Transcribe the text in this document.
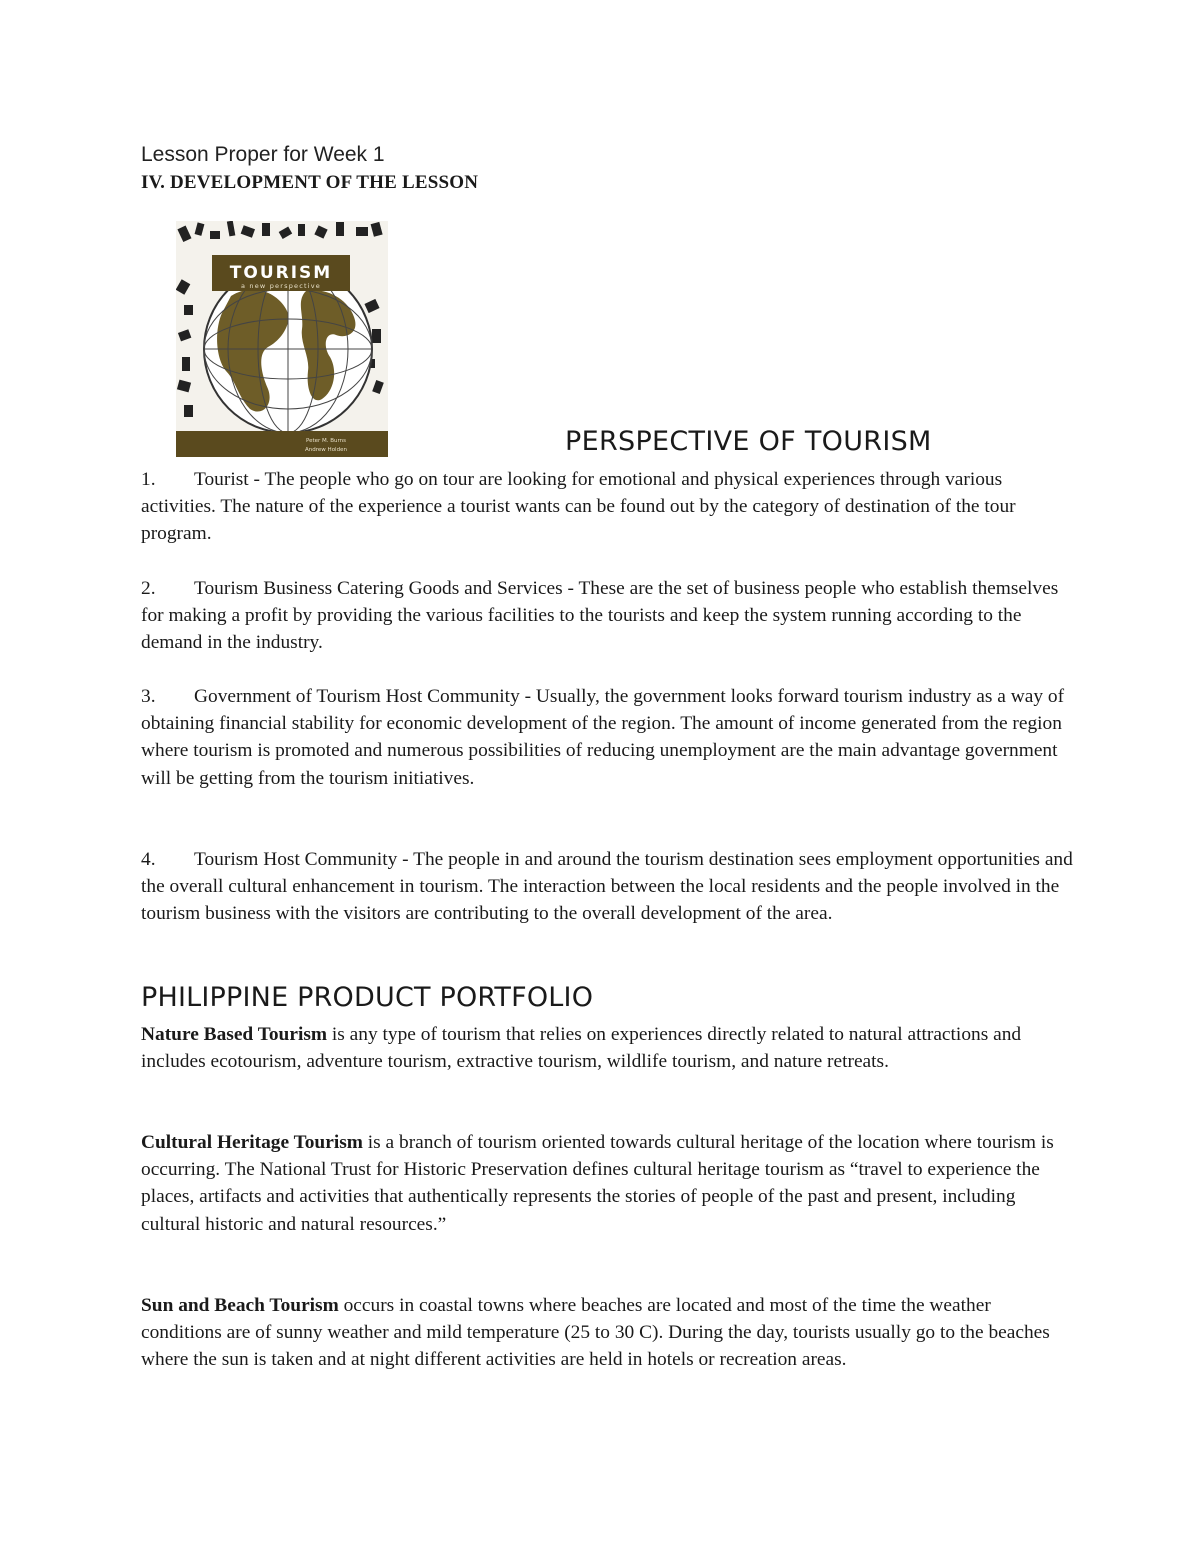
Lesson Proper for Week 1
IV. DEVELOPMENT OF THE LESSON
TOURISM
a new perspective
Peter M. Burns
Andrew Holden	PERSPECTIVE OF TOURISM
1. Tourist - The people who go on tour are looking for emotional and physical experiences through various activities. The nature of the experience a tourist wants can be found out by the category of destination of the tour program.
2. Tourism Business Catering Goods and Services - These are the set of business people who establish themselves for making a profit by providing the various facilities to the tourists and keep the system running according to the demand in the industry.
3. Government of Tourism Host Community - Usually, the government looks forward tourism industry as a way of obtaining financial stability for economic development of the region. The amount of income generated from the region where tourism is promoted and numerous possibilities of reducing unemployment are the main advantage government will be getting from the tourism initiatives.
4. Tourism Host Community - The people in and around the tourism destination sees employment opportunities and the overall cultural enhancement in tourism. The interaction between the local residents and the people involved in the tourism business with the visitors are contributing to the overall development of the area.
PHILIPPINE PRODUCT PORTFOLIO
Nature Based Tourism is any type of tourism that relies on experiences directly related to natural attractions and includes ecotourism, adventure tourism, extractive tourism, wildlife tourism, and nature retreats.
Cultural Heritage Tourism is a branch of tourism oriented towards cultural heritage of the location where tourism is occurring. The National Trust for Historic Preservation defines cultural heritage tourism as “travel to experience the places, artifacts and activities that authentically represents the stories of people of the past and present, including cultural historic and natural resources.”
Sun and Beach Tourism occurs in coastal towns where beaches are located and most of the time the weather conditions are of sunny weather and mild temperature (25 to 30 C). During the day, tourists usually go to the beaches where the sun is taken and at night different activities are held in hotels or recreation areas.
